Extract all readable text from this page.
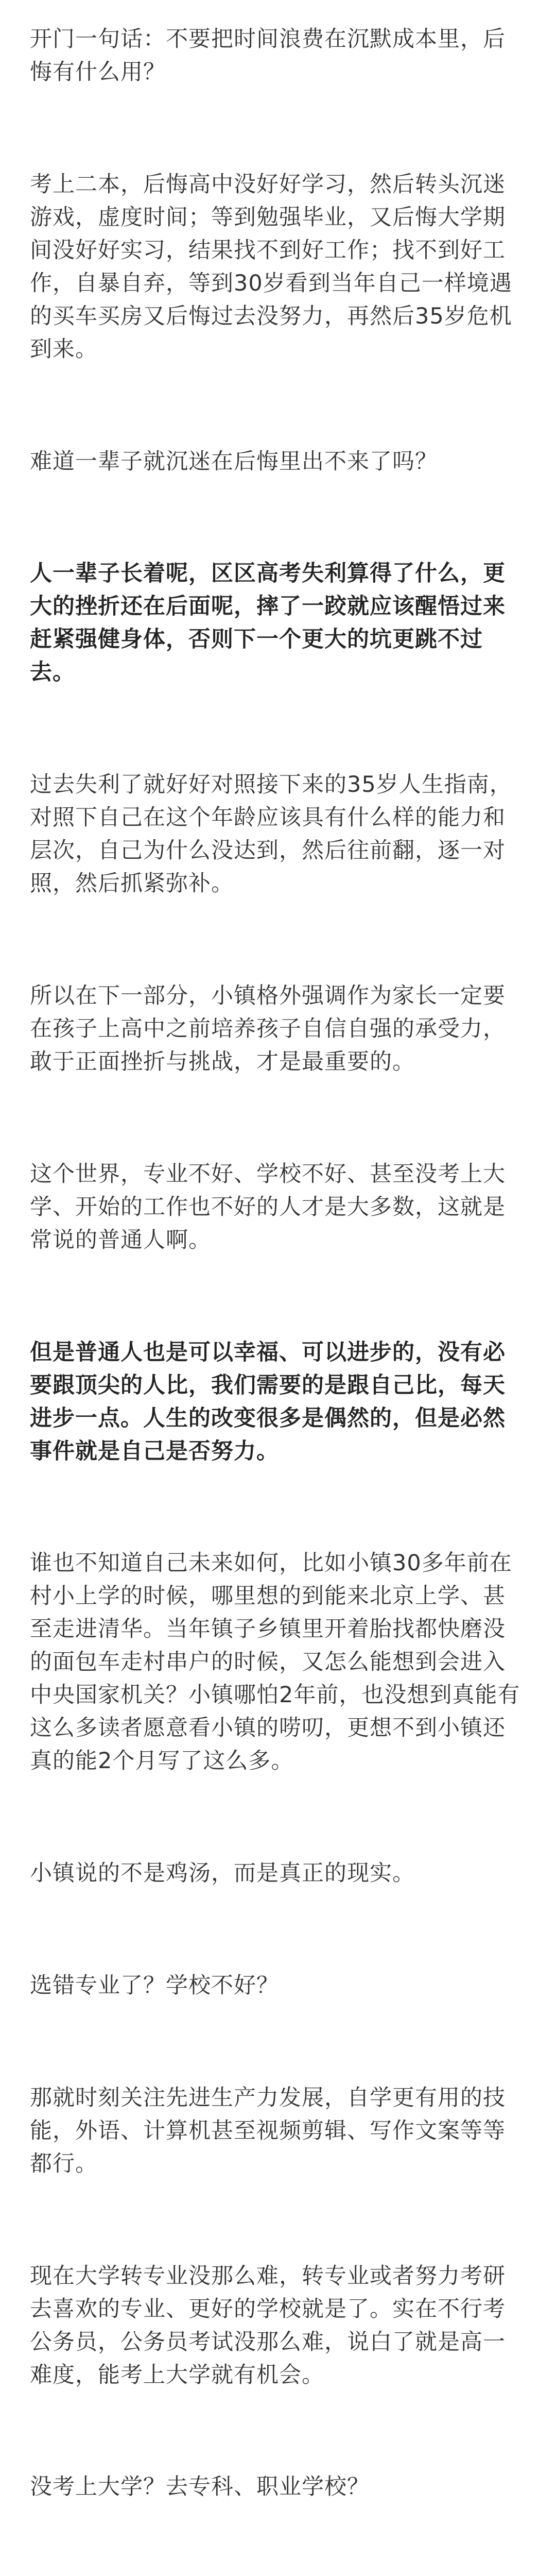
开门一句话：不要把时间浪费在沉默成本里，后悔有什么用？

考上二本，后悔高中没好好学习，然后转头沉迷游戏，虚度时间；等到勉强毕业，又后悔大学期间没好好实习，结果找不到好工作；找不到好工作，自暴自弃，等到30岁看到当年自己一样境遇的买车买房又后悔过去没努力，再然后35岁危机到来。

难道一辈子就沉迷在后悔里出不来了吗？

人一辈子长着呢，区区高考失利算得了什么，更大的挫折还在后面呢，摔了一跤就应该醒悟过来赶紧强健身体，否则下一个更大的坑更跳不过去。

过去失利了就好好对照接下来的35岁人生指南，对照下自己在这个年龄应该具有什么样的能力和层次，自己为什么没达到，然后往前翻，逐一对照，然后抓紧弥补。

所以在下一部分，小镇格外强调作为家长一定要在孩子上高中之前培养孩子自信自强的承受力，敢于正面挫折与挑战，才是最重要的。

这个世界，专业不好、学校不好、甚至没考上大学、开始的工作也不好的人才是大多数，这就是常说的普通人啊。

但是普通人也是可以幸福、可以进步的，没有必要跟顶尖的人比，我们需要的是跟自己比，每天进步一点。人生的改变很多是偶然的，但是必然事件就是自己是否努力。

谁也不知道自己未来如何，比如小镇30多年前在村小上学的时候，哪里想的到能来北京上学、甚至走进清华。当年镇子乡镇里开着胎找都快磨没的面包车走村串户的时候，又怎么能想到会进入中央国家机关？小镇哪怕2年前，也没想到真能有这么多读者愿意看小镇的唠叨，更想不到小镇还真的能2个月写了这么多。

小镇说的不是鸡汤，而是真正的现实。

选错专业了？学校不好？

那就时刻关注先进生产力发展，自学更有用的技能，外语、计算机甚至视频剪辑、写作文案等等都行。

现在大学转专业没那么难，转专业或者努力考研去喜欢的专业、更好的学校就是了。实在不行考公务员，公务员考试没那么难，说白了就是高一难度，能考上大学就有机会。

没考上大学？去专科、职业学校？
